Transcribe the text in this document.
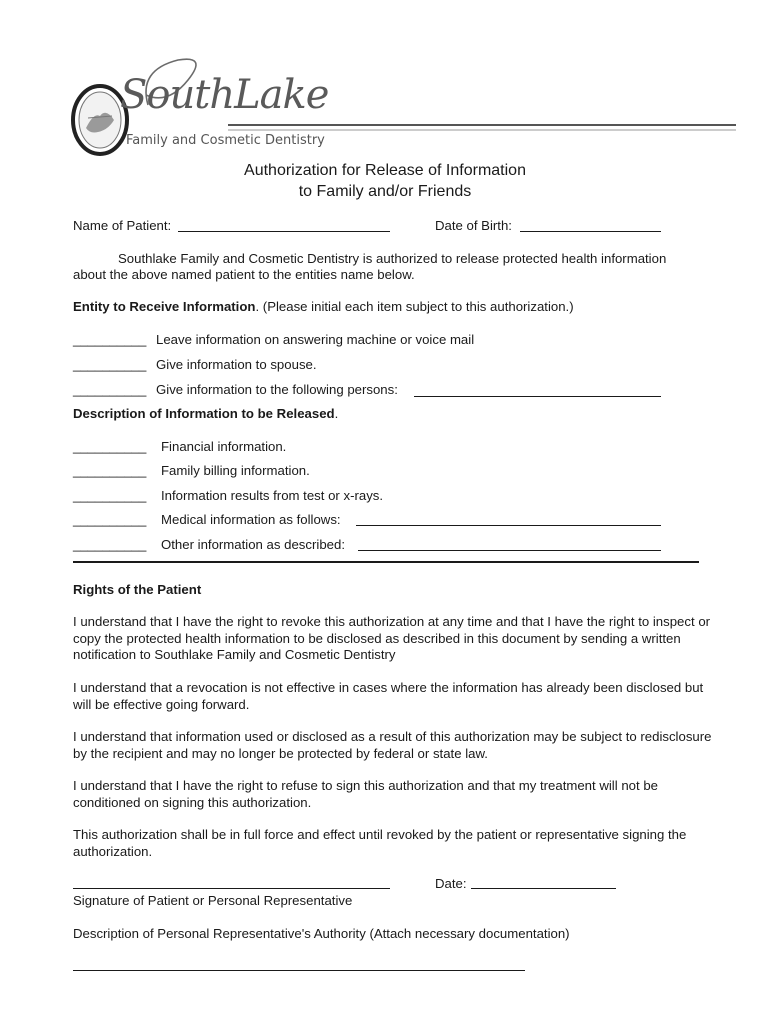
SouthLake
Family and Cosmetic Dentistry
Authorization for Release of Information
to Family and/or Friends
Name of Patient:	Date of Birth:
Southlake Family and Cosmetic Dentistry is authorized to release protected health information
about the above named patient to the entities name below.
Entity to Receive Information. (Please initial each item subject to this authorization.)
__________ Leave information on answering machine or voice mail
__________ Give information to spouse.
__________ Give information to the following persons:
Description of Information to be Released.
__________ Financial information.
__________ Family billing information.
__________ Information results from test or x-rays.
__________ Medical information as follows:
__________ Other information as described:
Rights of the Patient
I understand that I have the right to revoke this authorization at any time and that I have the right to inspect or copy the protected health information to be disclosed as described in this document by sending a written notification to Southlake Family and Cosmetic Dentistry
I understand that a revocation is not effective in cases where the information has already been disclosed but will be effective going forward.
I understand that information used or disclosed as a result of this authorization may be subject to redisclosure by the recipient and may no longer be protected by federal or state law.
I understand that I have the right to refuse to sign this authorization and that my treatment will not be conditioned on signing this authorization.
This authorization shall be in full force and effect until revoked by the patient or representative signing the authorization.
Date:
Signature of Patient or Personal Representative
Description of Personal Representative's Authority (Attach necessary documentation)
